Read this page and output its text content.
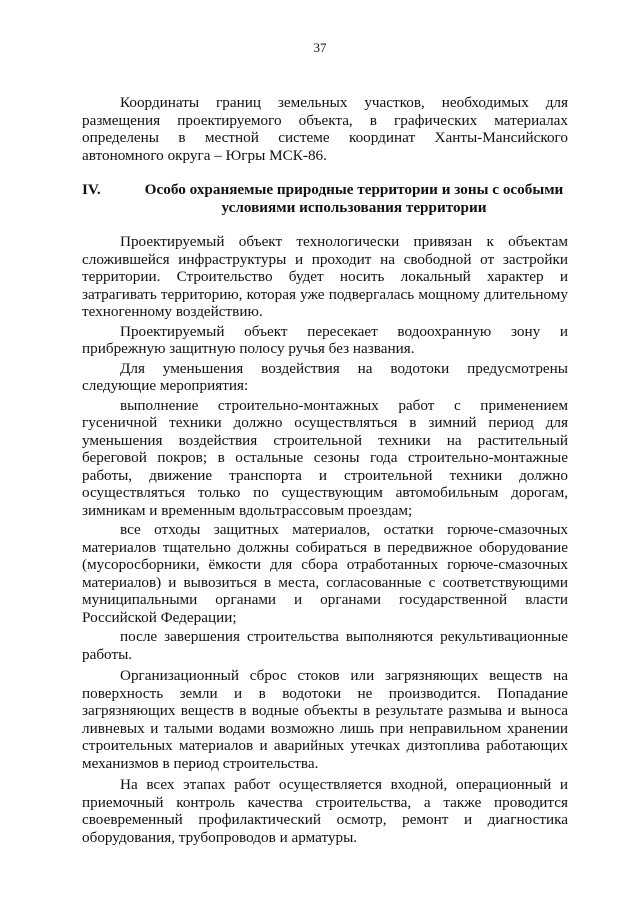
37

Координаты границ земельных участков, необходимых для размещения проектируемого объекта, в графических материалах определены в местной системе координат Ханты-Мансийского автономного округа – Югры МСК-86.

IV.	Особо охраняемые природные территории и зоны с особыми условиями использования территории

Проектируемый объект технологически привязан к объектам сложившейся инфраструктуры и проходит на свободной от застройки территории. Строительство будет носить локальный характер и затрагивать территорию, которая уже подвергалась мощному длительному техногенному воздействию.

Проектируемый объект пересекает водоохранную зону и прибрежную защитную полосу ручья без названия.

Для уменьшения воздействия на водотоки предусмотрены следующие мероприятия:

выполнение строительно-монтажных работ с применением гусеничной техники должно осуществляться в зимний период для уменьшения воздействия строительной техники на растительный береговой покров; в остальные сезоны года строительно-монтажные работы, движение транспорта и строительной техники должно осуществляться только по существующим автомобильным дорогам, зимникам и временным вдольтрассовым проездам;

все отходы защитных материалов, остатки горюче-смазочных материалов тщательно должны собираться в передвижное оборудование (мусоросборники, ёмкости для сбора отработанных горюче-смазочных материалов) и вывозиться в места, согласованные с соответствующими муниципальными органами и органами государственной власти Российской Федерации;

после завершения строительства выполняются рекультивационные работы.

Организационный сброс стоков или загрязняющих веществ на поверхность земли и в водотоки не производится. Попадание загрязняющих веществ в водные объекты в результате размыва и выноса ливневых и талыми водами возможно лишь при неправильном хранении строительных материалов и аварийных утечках дизтоплива работающих механизмов в период строительства.

На всех этапах работ осуществляется входной, операционный и приемочный контроль качества строительства, а также проводится своевременный профилактический осмотр, ремонт и диагностика оборудования, трубопроводов и арматуры.
